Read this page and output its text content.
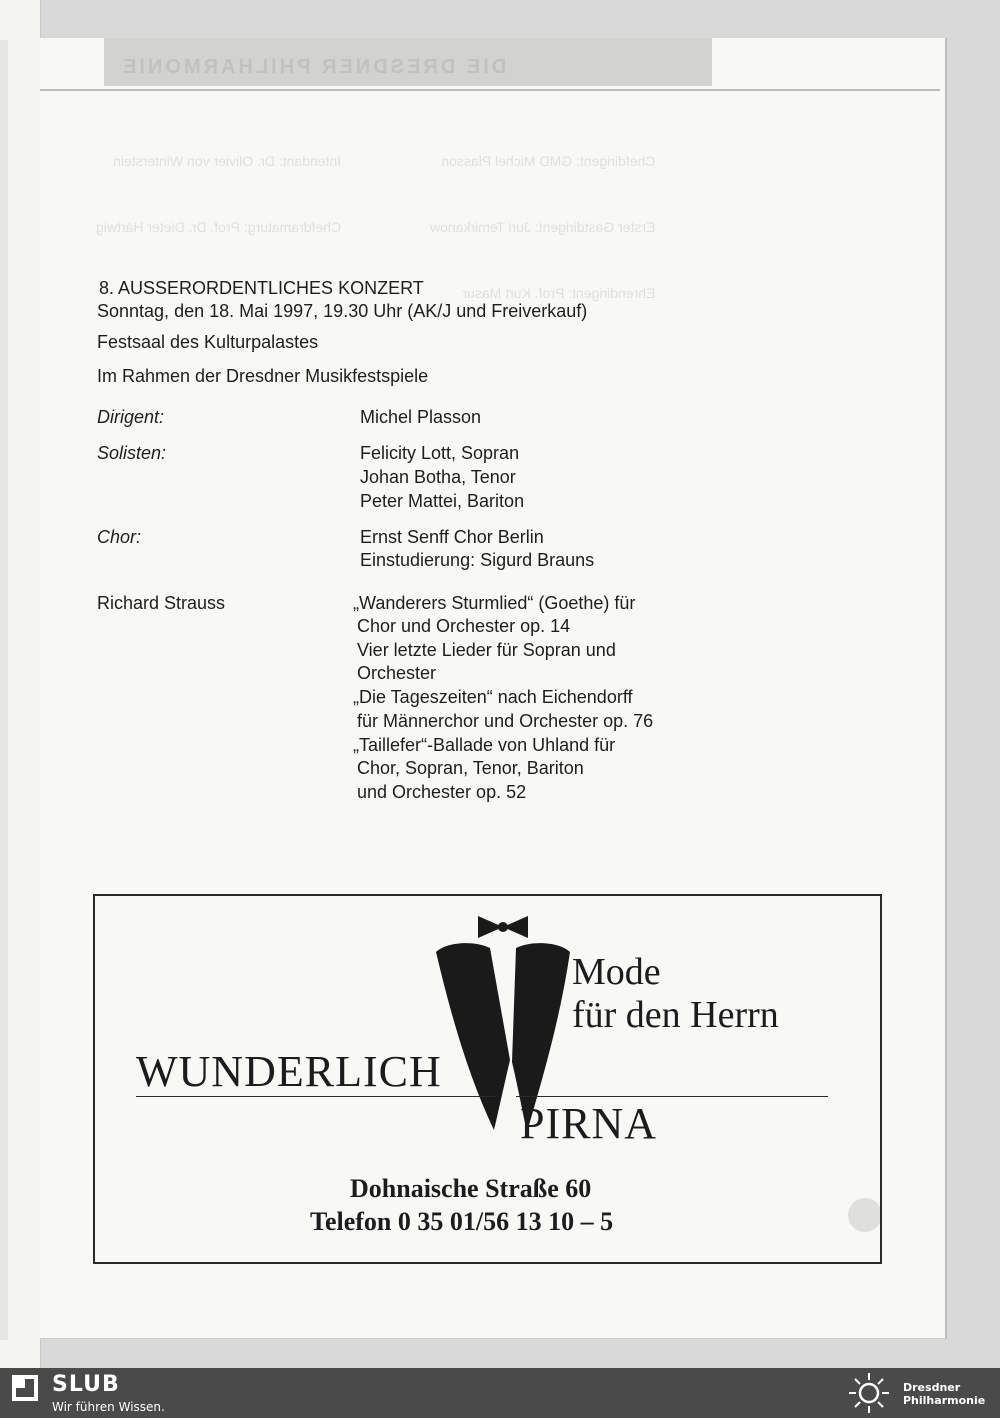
DIE DRESDNER PHILHARMONIE

Chefdirigent: GMD Michel Plasson

Erster Gastdirigent: Juri Temirkanow

Ehrendirigent: Prof. Kurt Masur

Intendant: Dr. Olivier von Winterstein

Chefdramaturg: Prof. Dr. Dieter Härtwig

8. AUSSERORDENTLICHES KONZERT
Sonntag, den 18. Mai 1997, 19.30 Uhr (AK/J und Freiverkauf)
Festsaal des Kulturpalastes
Im Rahmen der Dresdner Musikfestspiele
Dirigent:	Michel Plasson
Solisten:	Felicity Lott, Sopran
Johan Botha, Tenor
Peter Mattei, Bariton
Chor:	Ernst Senff Chor Berlin
Einstudierung: Sigurd Brauns
Richard Strauss	„Wanderers Sturmlied“ (Goethe) für
Chor und Orchester op. 14
Vier letzte Lieder für Sopran und
Orchester
„Die Tageszeiten“ nach Eichendorff
für Männerchor und Orchester op. 76
„Taillefer“-Ballade von Uhland für
Chor, Sopran, Tenor, Bariton
und Orchester op. 52
Mode
für den Herrn
WUNDERLICH
PIRNA
Dohnaische Straße 60
Telefon 0 35 01/56 13 10 – 5
SLUB
Wir führen Wissen.
Dresdner
Philharmonie
